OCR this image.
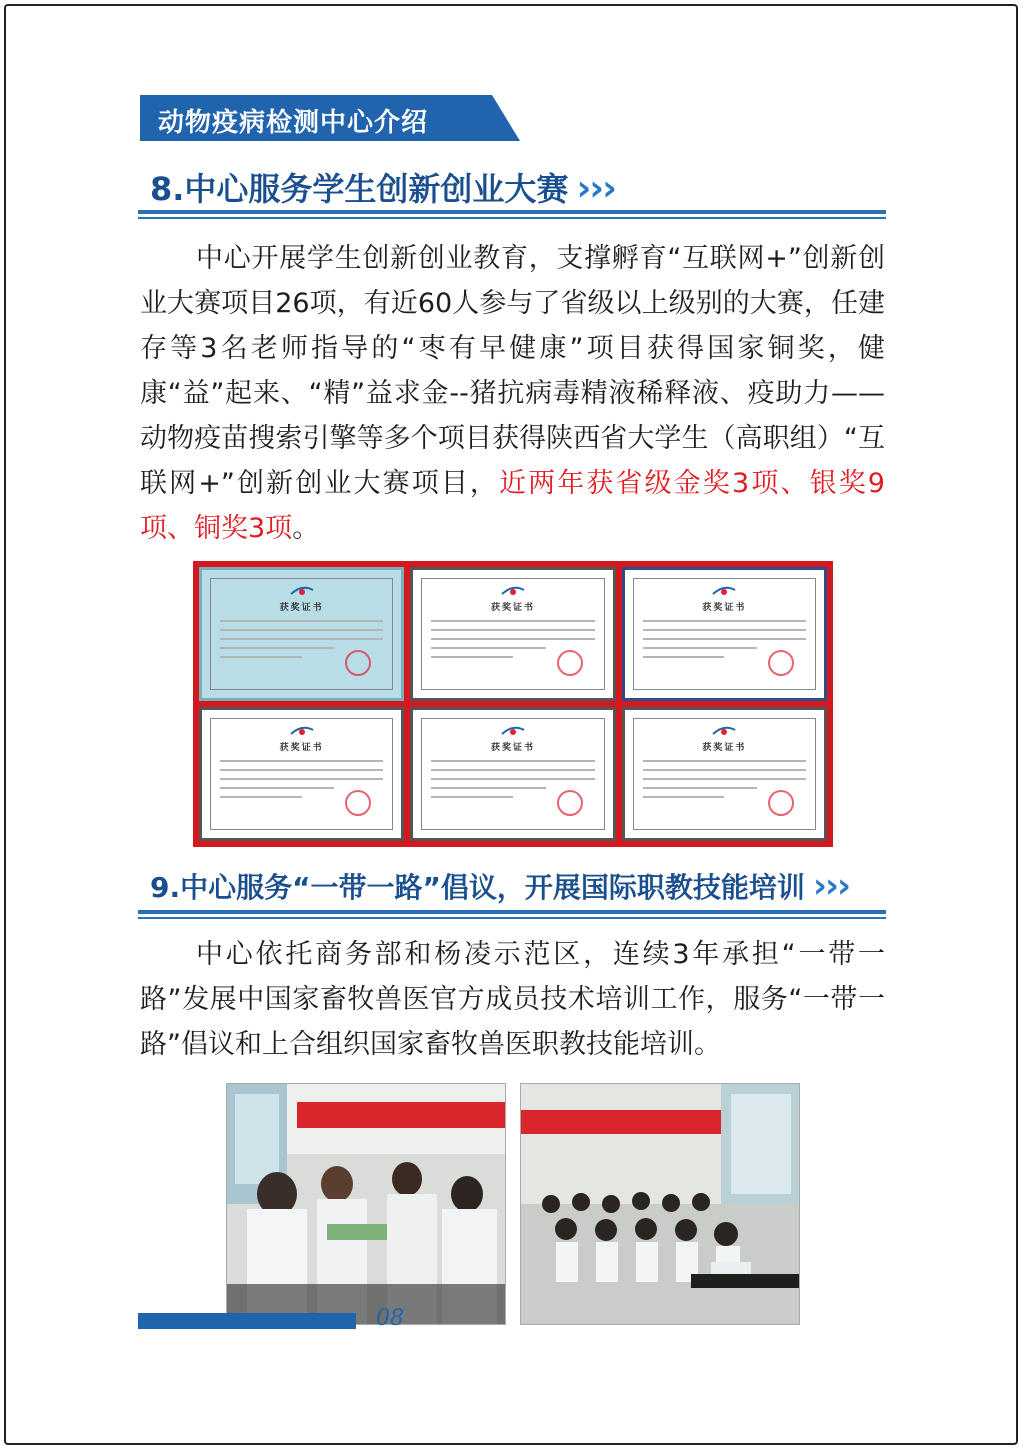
动物疫病检测中心介绍
8.中心服务学生创新创业大赛 ›››
中心开展学生创新创业教育，支撑孵育“互联网+”创新创业大赛项目26项，有近60人参与了省级以上级别的大赛，任建存等3名老师指导的“枣有早健康”项目获得国家铜奖，健康“益”起来、“精”益求金--猪抗病毒精液稀释液、疫助力——动物疫苗搜索引擎等多个项目获得陕西省大学生（高职组）“互联网+”创新创业大赛项目，近两年获省级金奖3项、银奖9项、铜奖3项。
获奖证书	获奖证书	获奖证书
获奖证书	获奖证书	获奖证书
9.中心服务“一带一路”倡议，开展国际职教技能培训 ›››
中心依托商务部和杨凌示范区，连续3年承担“一带一路”发展中国家畜牧兽医官方成员技术培训工作，服务“一带一路”倡议和上合组织国家畜牧兽医职教技能培训。
08
